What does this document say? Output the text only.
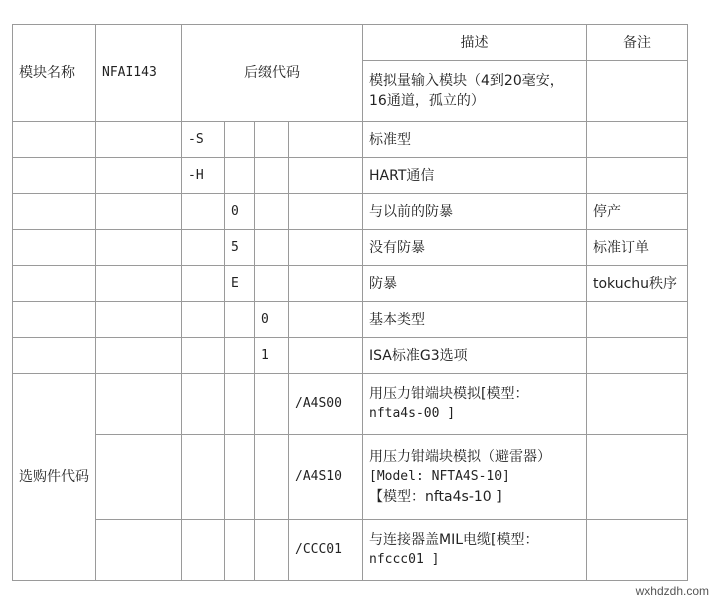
模块名称	NFAI143	后缀代码				描述	备注
						模拟量输入模块（4到20毫安，16通道，孤立的）	
		-S				标准型	
		-H				HART通信	
			0			与以前的防暴	停产
			5			没有防暴	标准订单
			E			防暴	tokuchu秩序
				0		基本类型	
				1		ISA标准G3选项	
选购件代码					/A4S00	用压力钳端块模拟[模型：
nfta4s-00 ]	

					/A4S10	用压力钳端块模拟（避雷器）
[Model: NFTA4S-10]
【模型：nfta4s-10 ]	

					/CCC01	与连接器盖MIL电缆[模型：
nfccc01 ]	

wxhdzdh.com
